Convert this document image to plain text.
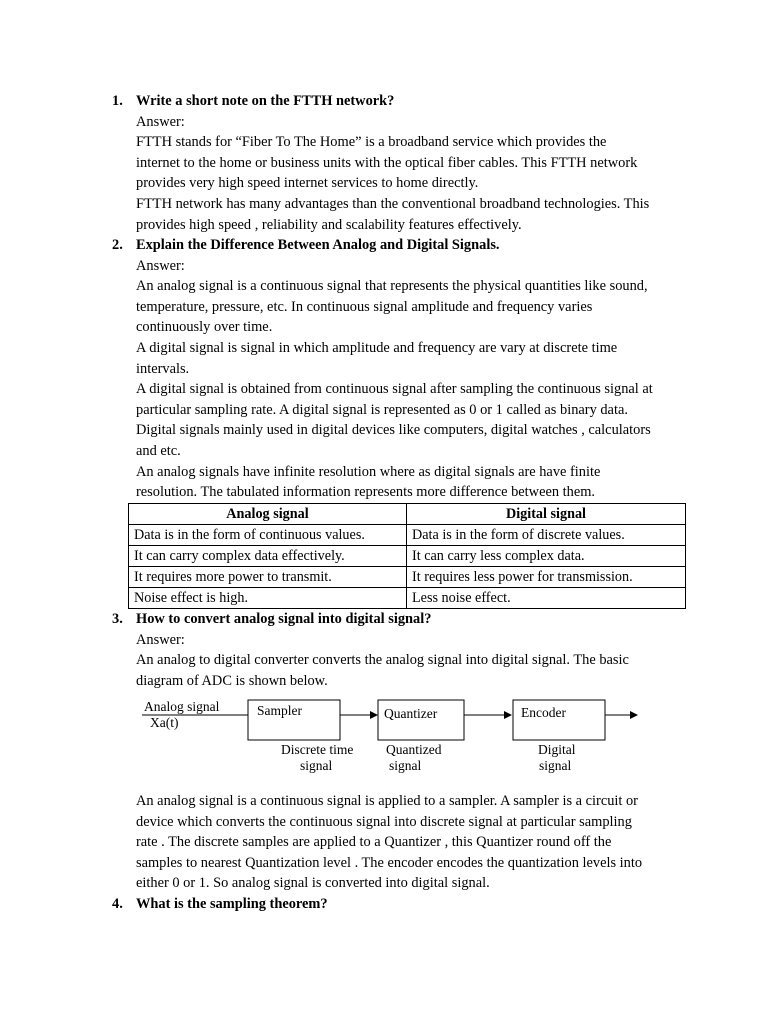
1. Write a short note on the FTTH network?
Answer:
FTTH stands for “Fiber To The Home” is a broadband service which provides the
internet to the home or business units with the optical fiber cables. This FTTH network
provides very high speed internet services to home directly.
FTTH network has many advantages than the conventional broadband technologies. This
provides high speed , reliability and scalability features effectively.
2. Explain the Difference Between Analog and Digital Signals.
Answer:
An analog signal is a continuous signal that represents the physical quantities like sound,
temperature, pressure, etc. In continuous signal amplitude and frequency varies
continuously over time.
A digital signal is signal in which amplitude and frequency are vary at discrete time
intervals.
A digital signal is obtained from continuous signal after sampling the continuous signal at
particular sampling rate. A digital signal is represented as 0 or 1 called as binary data.
Digital signals mainly used in digital devices like computers, digital watches , calculators
and etc.
An analog signals have infinite resolution where as digital signals are have finite
resolution. The tabulated information represents more difference between them.
Analog signal	Digital signal
Data is in the form of continuous values.	Data is in the form of discrete values.
It can carry complex data effectively.	It can carry less complex data.
It requires more power to transmit.	It requires less power for transmission.
Noise effect is high.	Less noise effect.
3. How to convert analog signal into digital signal?
Answer:
An analog to digital converter converts the analog signal into digital signal. The basic
diagram of ADC is shown below.
Analog signal
Xa(t)
Sampler	Quantizer	Encoder
Discrete time
signal
Quantized
signal
Digital
signal
An analog signal is a continuous signal is applied to a sampler. A sampler is a circuit or
device which converts the continuous signal into discrete signal at particular sampling
rate . The discrete samples are applied to a Quantizer , this Quantizer round off the
samples to nearest Quantization level . The encoder encodes the quantization levels into
either 0 or 1. So analog signal is converted into digital signal.
4. What is the sampling theorem?
